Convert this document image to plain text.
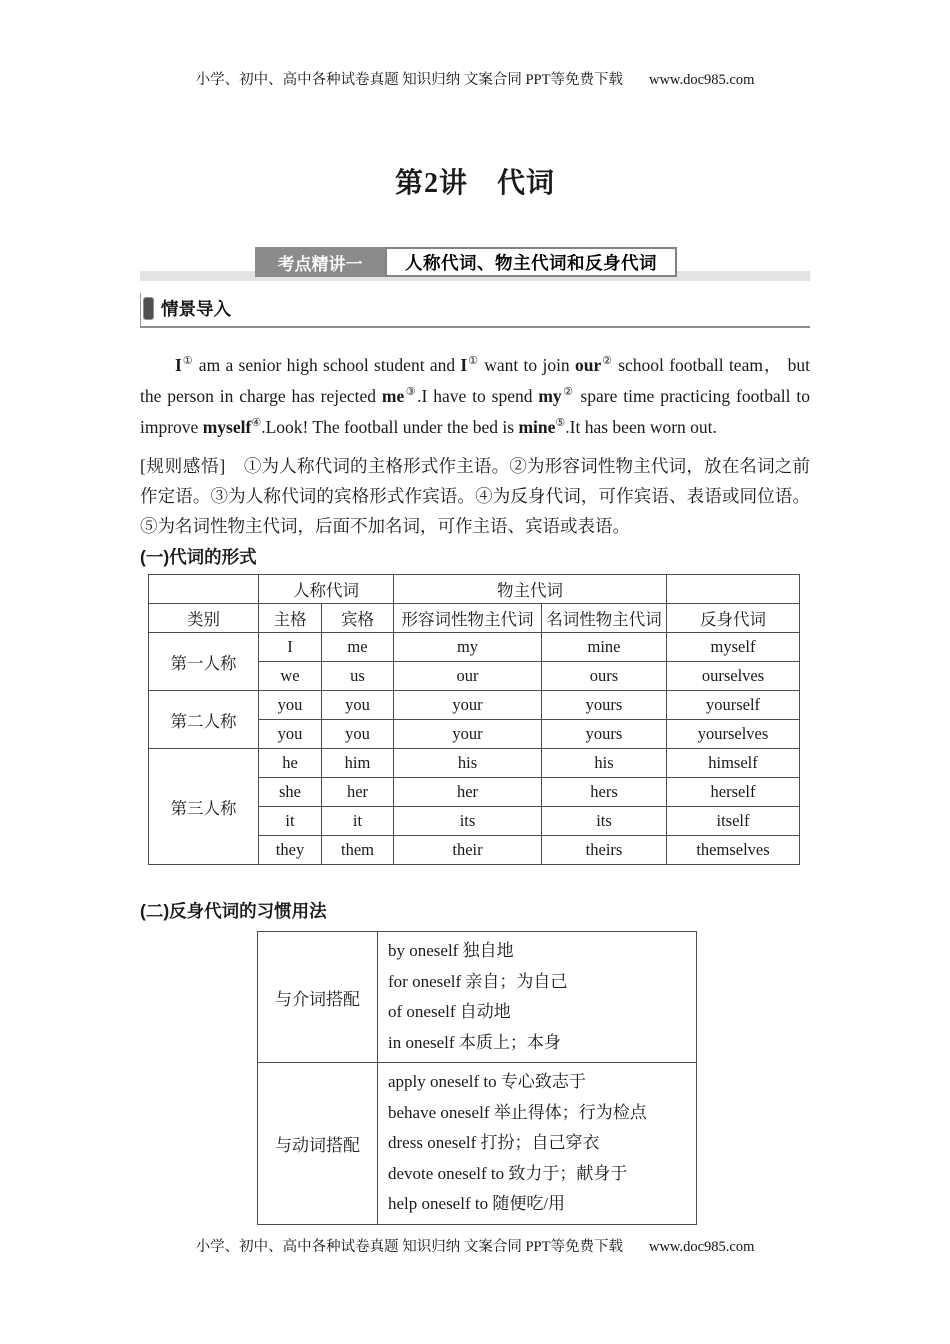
小学、初中、高中各种试卷真题 知识归纳 文案合同 PPT等免费下载 www.doc985.com
第2讲　代词
考点精讲一	人称代词、物主代词和反身代词
情景导入

I① am a senior high school student and I① want to join our② school football team， but the person in charge has rejected me③.I have to spend my② spare time practicing football to improve myself④.Look! The football under the bed is mine⑤.It has been worn out.

[规则感悟] ①为人称代词的主格形式作主语。②为形容词性物主代词，放在名词之前作定语。③为人称代词的宾格形式作宾语。④为反身代词，可作宾语、表语或同位语。⑤为名词性物主代词，后面不加名词，可作主语、宾语或表语。

(一)代词的形式
	人称代词		物主代词		
类别	主格	宾格	形容词性物主代词	名词性物主代词	反身代词
第一人称	I	me	my	mine	myself
	we	us	our	ours	ourselves
第二人称	you	you	your	yours	yourself
	you	you	your	yours	yourselves
第三人称	he	him	his	his	himself
	she	her	her	hers	herself
	it	it	its	its	itself
	they	them	their	theirs	themselves
(二)反身代词的习惯用法
与介词搭配	by oneself 独自地
for oneself 亲自；为自己
of oneself 自动地
in oneself 本质上；本身

与动词搭配	apply oneself to 专心致志于
behave oneself 举止得体；行为检点
dress oneself 打扮；自己穿衣
devote oneself to 致力于；献身于
help oneself to 随便吃/用
小学、初中、高中各种试卷真题 知识归纳 文案合同 PPT等免费下载 www.doc985.com
